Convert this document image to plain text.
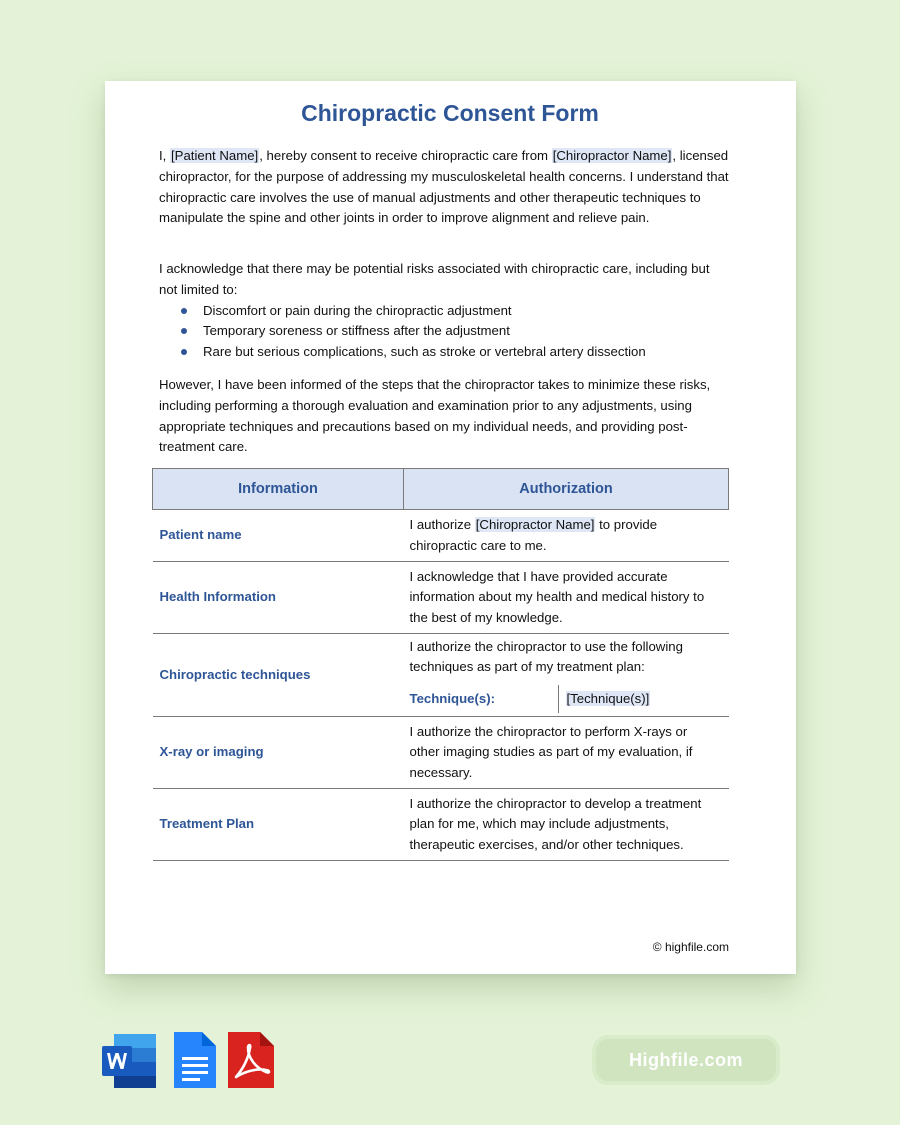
Chiropractic Consent Form
I, [Patient Name], hereby consent to receive chiropractic care from [Chiropractor Name], licensed chiropractor, for the purpose of addressing my musculoskeletal health concerns. I understand that chiropractic care involves the use of manual adjustments and other therapeutic techniques to manipulate the spine and other joints in order to improve alignment and relieve pain.
I acknowledge that there may be potential risks associated with chiropractic care, including but not limited to:
Discomfort or pain during the chiropractic adjustment
Temporary soreness or stiffness after the adjustment
Rare but serious complications, such as stroke or vertebral artery dissection
However, I have been informed of the steps that the chiropractor takes to minimize these risks, including performing a thorough evaluation and examination prior to any adjustments, using appropriate techniques and precautions based on my individual needs, and providing post-treatment care.
Information	Authorization
Patient name	I authorize [Chiropractor Name] to provide chiropractic care to me.
Health Information	I acknowledge that I have provided accurate information about my health and medical history to the best of my knowledge.
Chiropractic techniques	I authorize the chiropractor to use the following techniques as part of my treatment plan:
Technique(s): [Technique(s)]

X-ray or imaging	I authorize the chiropractor to perform X-rays or other imaging studies as part of my evaluation, if necessary.
Treatment Plan	I authorize the chiropractor to develop a treatment plan for me, which may include adjustments, therapeutic exercises, and/or other techniques.
© highfile.com
Highfile.com
